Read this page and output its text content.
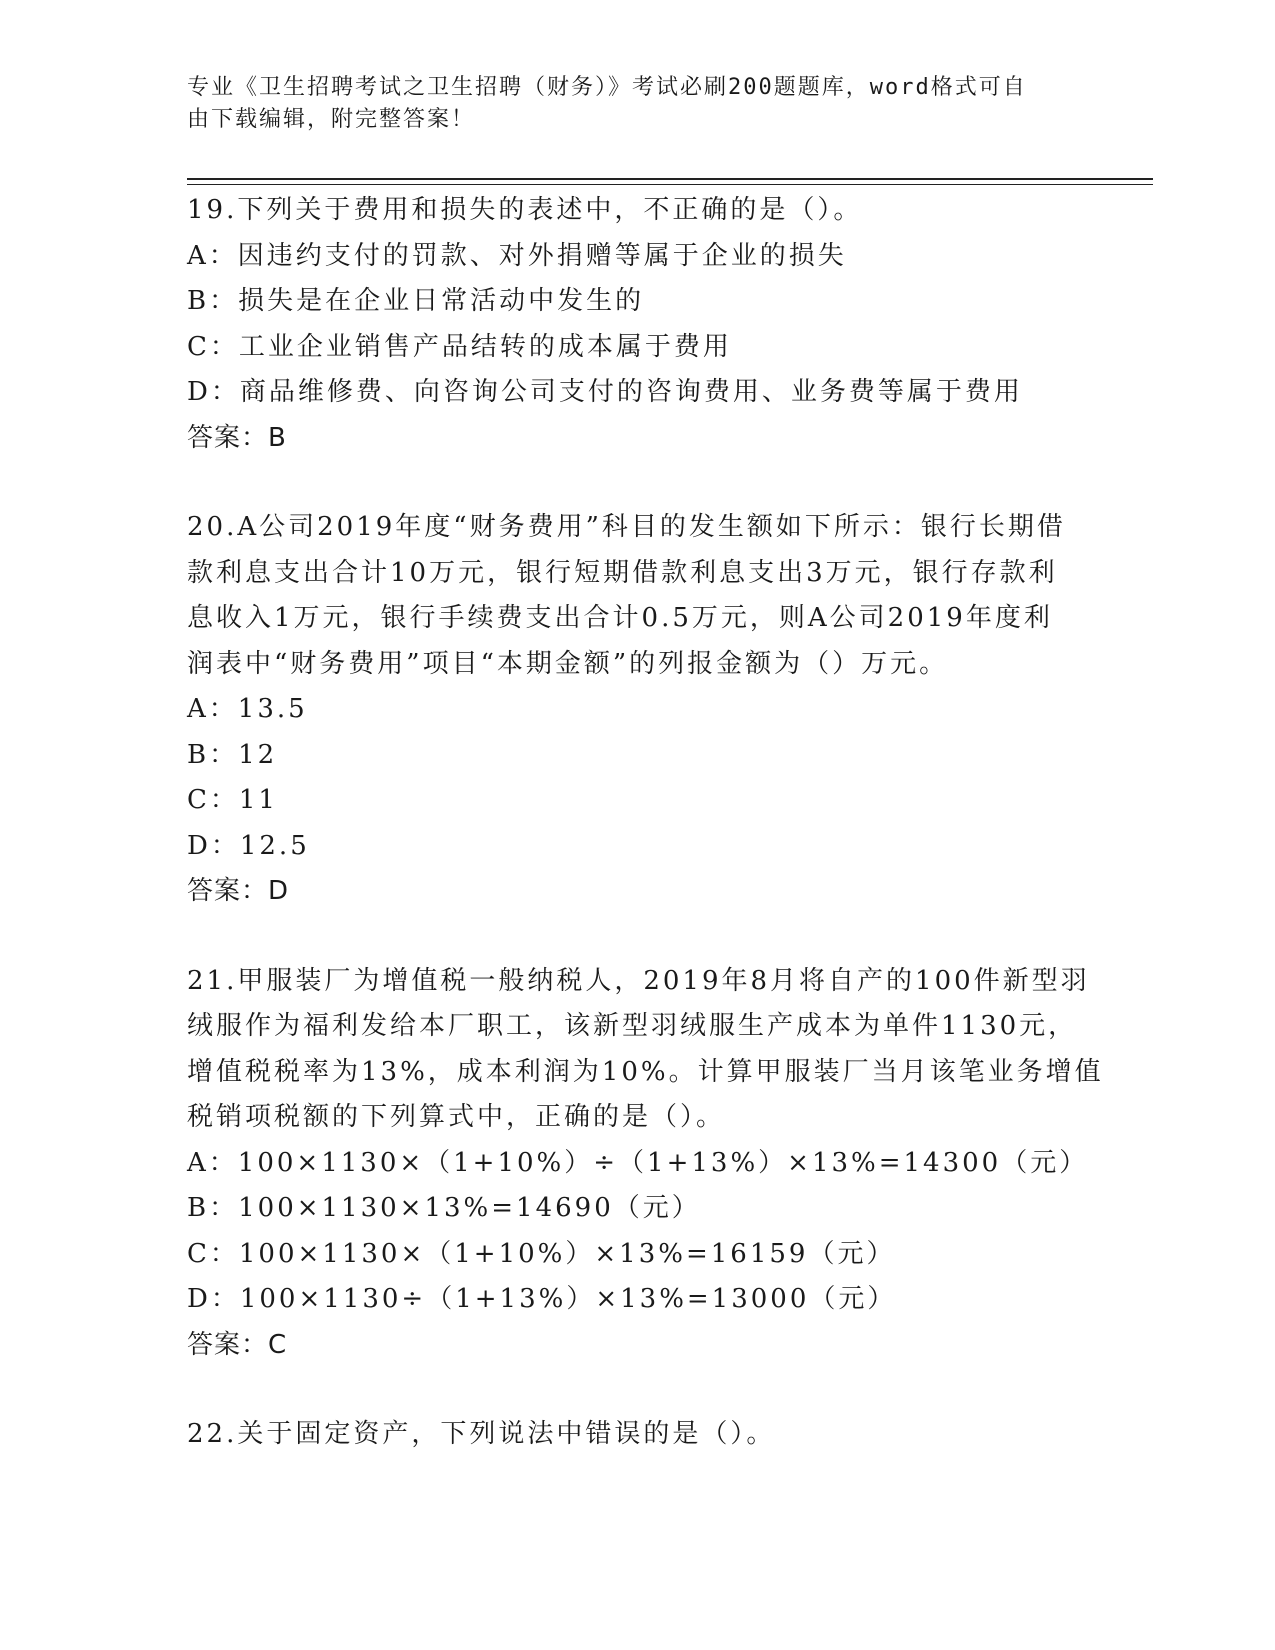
专业《卫生招聘考试之卫生招聘（财务）》考试必刷200题题库，word格式可自
由下载编辑，附完整答案！
19.下列关于费用和损失的表述中，不正确的是（）。
A：因违约支付的罚款、对外捐赠等属于企业的损失
B：损失是在企业日常活动中发生的
C：工业企业销售产品结转的成本属于费用
D：商品维修费、向咨询公司支付的咨询费用、业务费等属于费用
答案：B
20.A公司2019年度“财务费用”科目的发生额如下所示：银行长期借
款利息支出合计10万元，银行短期借款利息支出3万元，银行存款利
息收入1万元，银行手续费支出合计0.5万元，则A公司2019年度利
润表中“财务费用”项目“本期金额”的列报金额为（）万元。
A：13.5
B：12
C：11
D：12.5
答案：D
21.甲服装厂为增值税一般纳税人，2019年8月将自产的100件新型羽
绒服作为福利发给本厂职工，该新型羽绒服生产成本为单件1130元，
增值税税率为13%，成本利润为10%。计算甲服装厂当月该笔业务增值
税销项税额的下列算式中，正确的是（）。
A：100×1130×（1+10%）÷（1+13%）×13%=14300（元）
B：100×1130×13%=14690（元）
C：100×1130×（1+10%）×13%=16159（元）
D：100×1130÷（1+13%）×13%=13000（元）
答案：C
22.关于固定资产，下列说法中错误的是（）。
